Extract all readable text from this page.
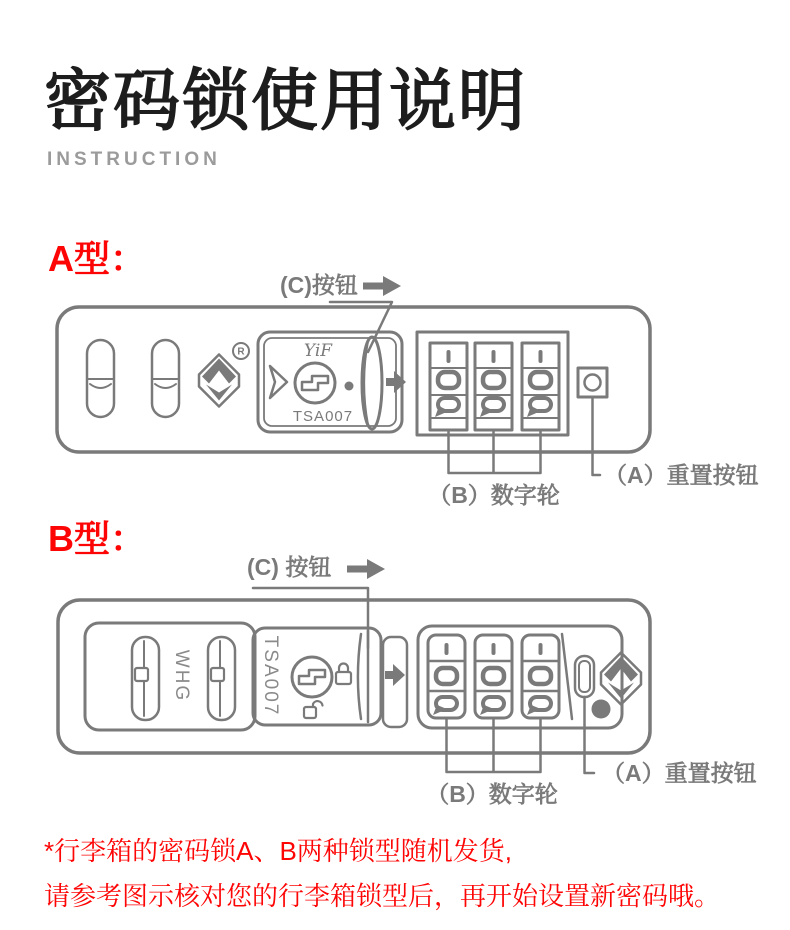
密码锁使用说明
INSTRUCTION
A型：
B型：
(C)按钮
R	YiF
TSA007
（B）数字轮
（A）重置按钮
(C) 按钮
WHG	TSA007
（B）数字轮
（A）重置按钮

*行李箱的密码锁A、B两种锁型随机发货,

请参考图示核对您的行李箱锁型后，再开始设置新密码哦。
